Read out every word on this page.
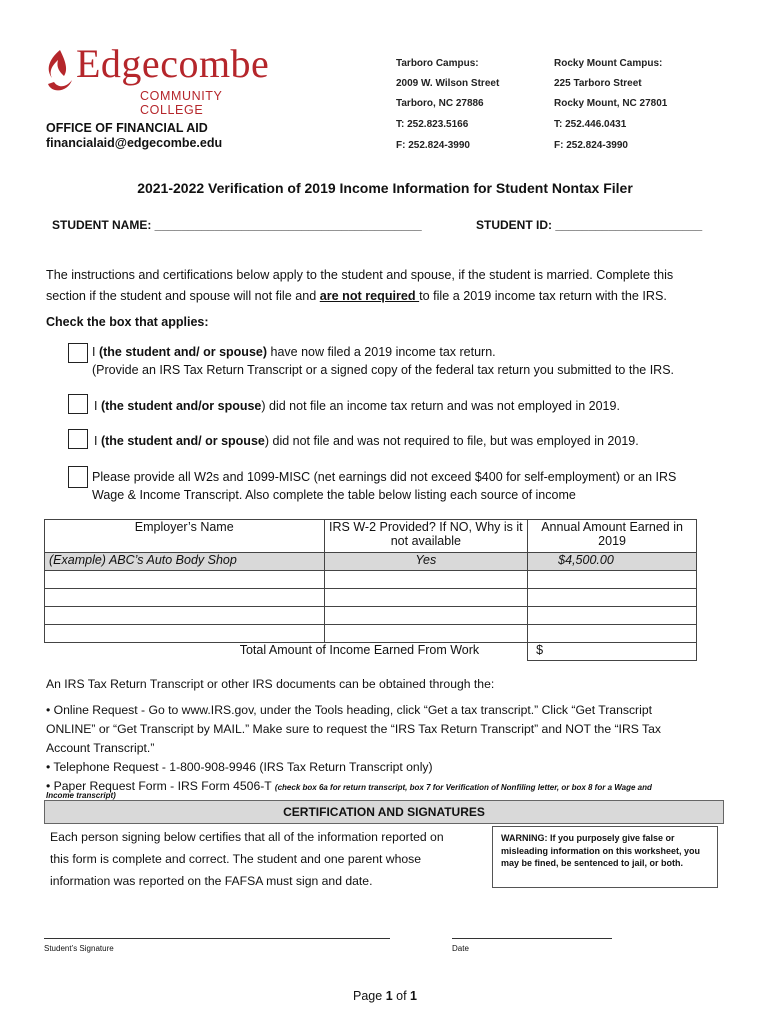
Edgecombe
COMMUNITY COLLEGE
OFFICE OF FINANCIAL AID
financialaid@edgecombe.edu
Tarboro Campus:
2009 W. Wilson Street
Tarboro, NC 27886
T: 252.823.5166
F: 252.824-3990
Rocky Mount Campus:
225 Tarboro Street
Rocky Mount, NC 27801
T: 252.446.0431
F: 252.824-3990
2021-2022 Verification of 2019 Income Information for Student Nontax Filer
STUDENT NAME: ________________________________________	STUDENT ID: ______________________
The instructions and certifications below apply to the student and spouse, if the student is married. Complete this
section if the student and spouse will not file and are not required to file a 2019 income tax return with the IRS.
Check the box that applies:
I (the student and/ or spouse) have now filed a 2019 income tax return.
(Provide an IRS Tax Return Transcript or a signed copy of the federal tax return you submitted to the IRS.
I (the student and/or spouse) did not file an income tax return and was not employed in 2019.
I (the student and/ or spouse) did not file and was not required to file, but was employed in 2019.
Please provide all W2s and 1099-MISC (net earnings did not exceed $400 for self-employment) or an IRS
Wage & Income Transcript. Also complete the table below listing each source of income
Employer’s Name	IRS W-2 Provided? If NO, Why is it not available	Annual Amount Earned in 2019
(Example) ABC’s Auto Body Shop	Yes	$4,500.00

Total Amount of Income Earned From Work		$
An IRS Tax Return Transcript or other IRS documents can be obtained through the:
• Online Request - Go to www.IRS.gov, under the Tools heading, click “Get a tax transcript.” Click “Get Transcript
ONLINE” or “Get Transcript by MAIL.” Make sure to request the “IRS Tax Return Transcript” and NOT the “IRS Tax
Account Transcript.”
• Telephone Request - 1-800-908-9946 (IRS Tax Return Transcript only)
• Paper Request Form - IRS Form 4506-T (check box 6a for return transcript, box 7 for Verification of Nonfiling letter, or box 8 for a Wage and
Income transcript)
CERTIFICATION AND SIGNATURES
Each person signing below certifies that all of the information reported on
this form is complete and correct. The student and one parent whose
information was reported on the FAFSA must sign and date.
WARNING: If you purposely give false or misleading information on this worksheet, you may be fined, be sentenced to jail, or both.
Student’s Signature	Date
Page 1 of 1
